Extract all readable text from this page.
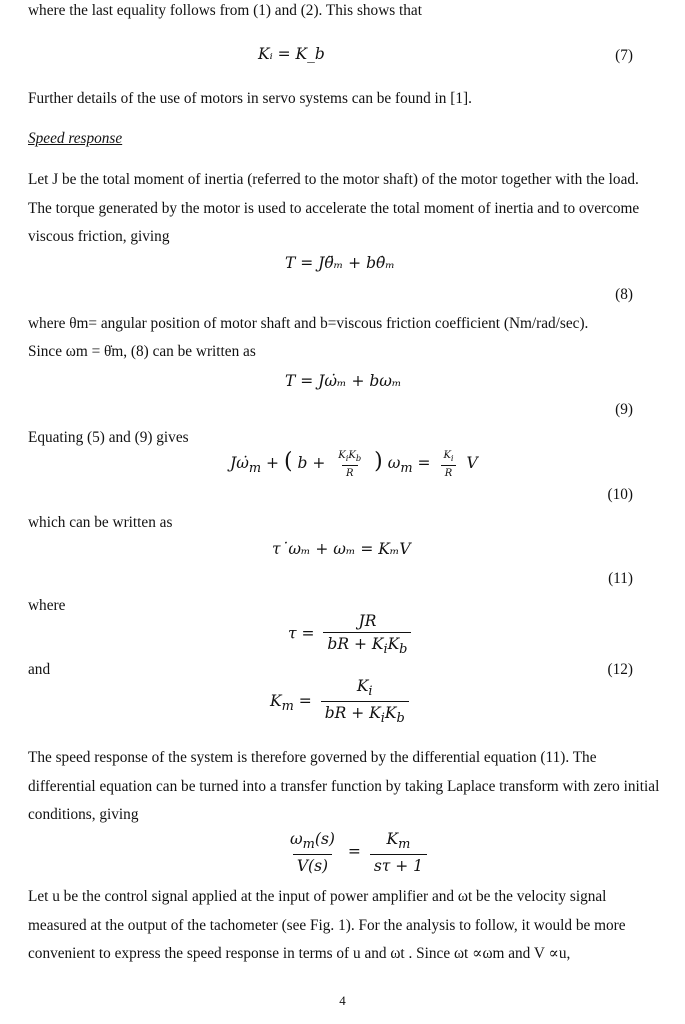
where the last equality follows from (1) and (2). This shows that
Kᵢ = K_b	(7)
Further details of the use of motors in servo systems can be found in [1].
Speed response
Let J be the total moment of inertia (referred to the motor shaft) of the motor together with the load. The torque generated by the motor is used to accelerate the total moment of inertia and to overcome viscous friction, giving
T = Jθ̈ₘ + bθ̇ₘ
(8)
where θm= angular position of motor shaft and b=viscous friction coefficient (Nm/rad/sec).
Since ωm = θ̇m, (8) can be written as
T = Jω̇ₘ + bωₘ
(9)
Equating (5) and (9) gives
$J\omegȧ_m$ + ( $b + \frac{K_iK_b}{R}$ ) $\omega_m = \frac{K_i}{R}$ V
(10)
which can be written as
τ˙ωₘ + ωₘ = KₘV
(11)
where
$\tau = \frac{JR}{bR + K_iK_b}$
and	(12)
$K_m = \frac{K_i}{bR + K_iK_b}$
The speed response of the system is therefore governed by the differential equation (11). The differential equation can be turned into a transfer function by taking Laplace transform with zero initial conditions, giving
$\frac{\omega_m(s)}{V(s)} = \frac{K_m}{s\tau + 1}$
Let u be the control signal applied at the input of power amplifier and ωt be the velocity signal measured at the output of the tachometer (see Fig. 1). For the analysis to follow, it would be more convenient to express the speed response in terms of u and ωt . Since ωt ∝ωm and V ∝u,
4
